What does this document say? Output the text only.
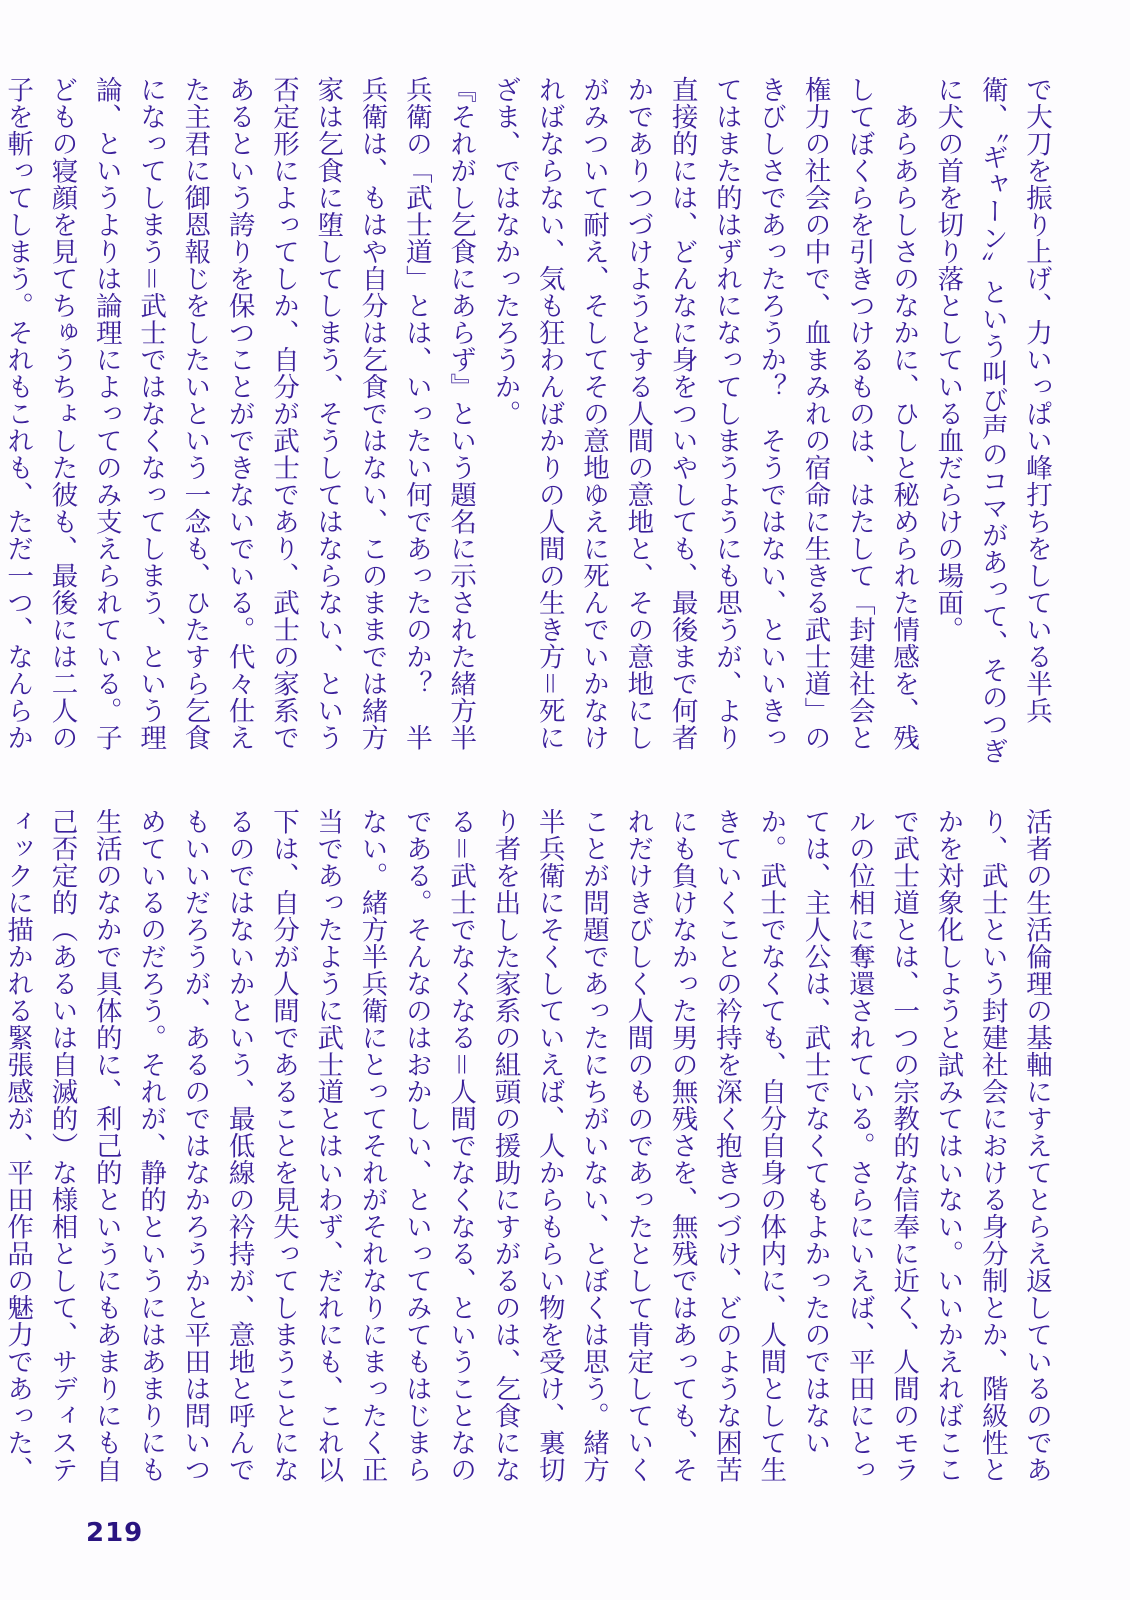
で大刀を振り上げ、力いっぱい峰打ちをしている半兵衛、〝ギャーン〟という叫び声のコマがあって、そのつぎに犬の首を切り落としている血だらけの場面。

あらあらしさのなかに、ひしと秘められた情感を、残してぼくらを引きつけるものは、はたして「封建社会と権力の社会の中で、血まみれの宿命に生きる武士道」のきびしさであったろうか？　そうではない、といいきってはまた的はずれになってしまうようにも思うが、より直接的には、どんなに身をついやしても、最後まで何者かでありつづけようとする人間の意地と、その意地にしがみついて耐え、そしてその意地ゆえに死んでいかなければならない、気も狂わんばかりの人間の生き方＝死にざま、ではなかったろうか。

『それがし乞食にあらず』という題名に示された緒方半兵衛の「武士道」とは、いったい何であったのか？　半兵衛は、もはや自分は乞食ではない、このままでは緒方家は乞食に堕してしまう、そうしてはならない、という否定形によってしか、自分が武士であり、武士の家系であるという誇りを保つことができないでいる。代々仕えた主君に御恩報じをしたいという一念も、ひたすら乞食になってしまう＝武士ではなくなってしまう、という理論、というよりは論理によってのみ支えられている。子どもの寝顔を見てちゅうちょした彼も、最後には二人の子を斬ってしまう。それもこれも、ただ一つ、なんらか

活者の生活倫理の基軸にすえてとらえ返しているのであり、武士という封建社会における身分制とか、階級性とかを対象化しようと試みてはいない。いいかえればここで武士道とは、一つの宗教的な信奉に近く、人間のモラルの位相に奪還されている。さらにいえば、平田にとっては、主人公は、武士でなくてもよかったのではないか。武士でなくても、自分自身の体内に、人間として生きていくことの衿持を深く抱きつづけ、どのような困苦にも負けなかった男の無残さを、無残ではあっても、それだけきびしく人間のものであったとして肯定していくことが問題であったにちがいない、とぼくは思う。緒方半兵衛にそくしていえば、人からもらい物を受け、裏切り者を出した家系の組頭の援助にすがるのは、乞食になる＝武士でなくなる＝人間でなくなる、ということなのである。そんなのはおかしい、といってみてもはじまらない。緒方半兵衛にとってそれがそれなりにまったく正当であったように武士道とはいわず、だれにも、これ以下は、自分が人間であることを見失ってしまうことになるのではないかという、最低線の衿持が、意地と呼んでもいいだろうが、あるのではなかろうかと平田は問いつめているのだろう。それが、静的というにはあまりにも生活のなかで具体的に、利己的というにもあまりにも自己否定的（あるいは自滅的）な様相として、サディスティックに描かれる緊張感が、平田作品の魅力であった、

219
